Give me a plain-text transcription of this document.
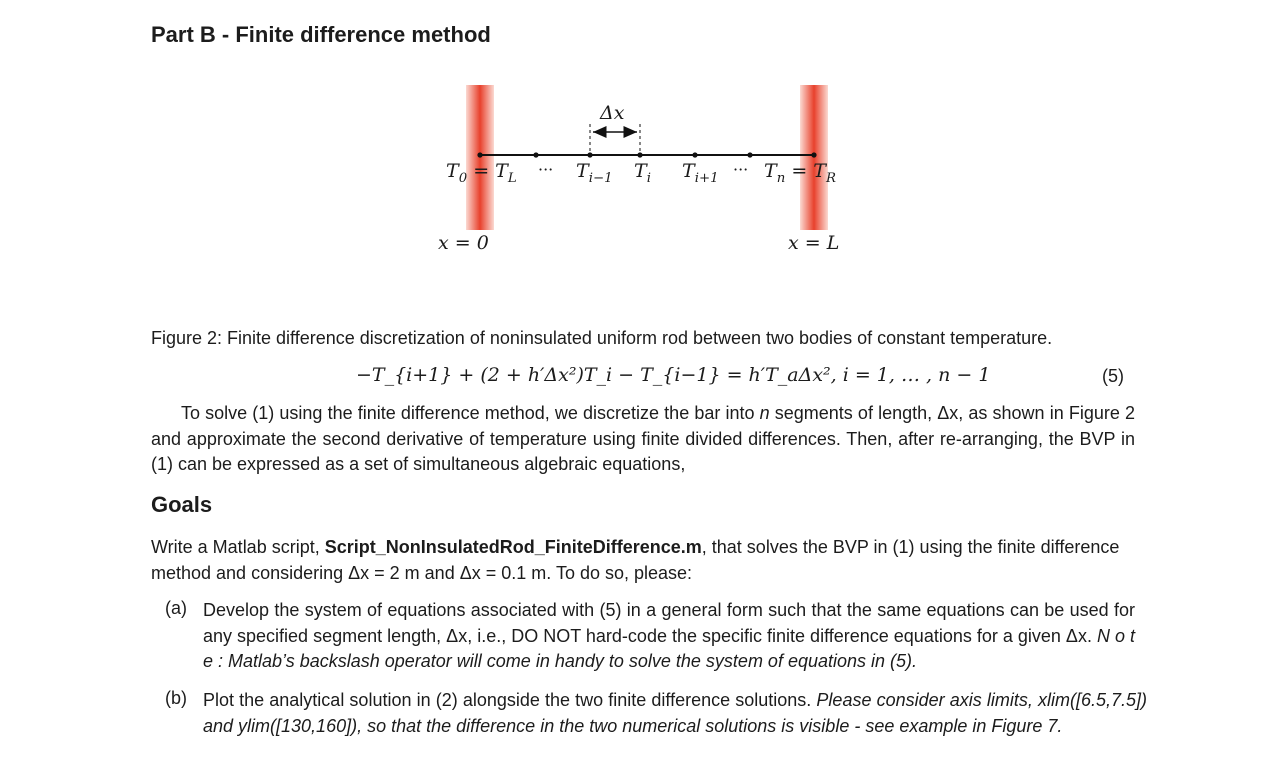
Part B - Finite difference method
Δx
$T_0 = T_L$ ··· $T_{i-1}$ $T_i$ $T_{i+1}$ ··· $T_n = T_R$
x = 0	x = L
Figure 2: Finite difference discretization of noninsulated uniform rod between two bodies of constant temperature.
−T_{i+1} + (2 + h′Δx²)T_i − T_{i−1} = h′T_aΔx², i = 1, … , n − 1	(5)
To solve (1) using the finite difference method, we discretize the bar into n segments of length, Δx, as shown in Figure 2 and approximate the second derivative of temperature using finite divided differences. Then, after re-arranging, the BVP in (1) can be expressed as a set of simultaneous algebraic equations,
Goals
Write a Matlab script, Script_NonInsulatedRod_FiniteDifference.m, that solves the BVP in (1) using the finite difference method and considering Δx = 2 m and Δx = 0.1 m. To do so, please:
(a) Develop the system of equations associated with (5) in a general form such that the same equations can be used for any specified segment length, Δx, i.e., DO NOT hard-code the specific finite difference equations for a given Δx. N o t e : Matlab’s backslash operator will come in handy to solve the system of equations in (5).
(b) Plot the analytical solution in (2) alongside the two finite difference solutions. Please consider axis limits, xlim([6.5,7.5]) and ylim([130,160]), so that the difference in the two numerical solutions is visible - see example in Figure 7.
